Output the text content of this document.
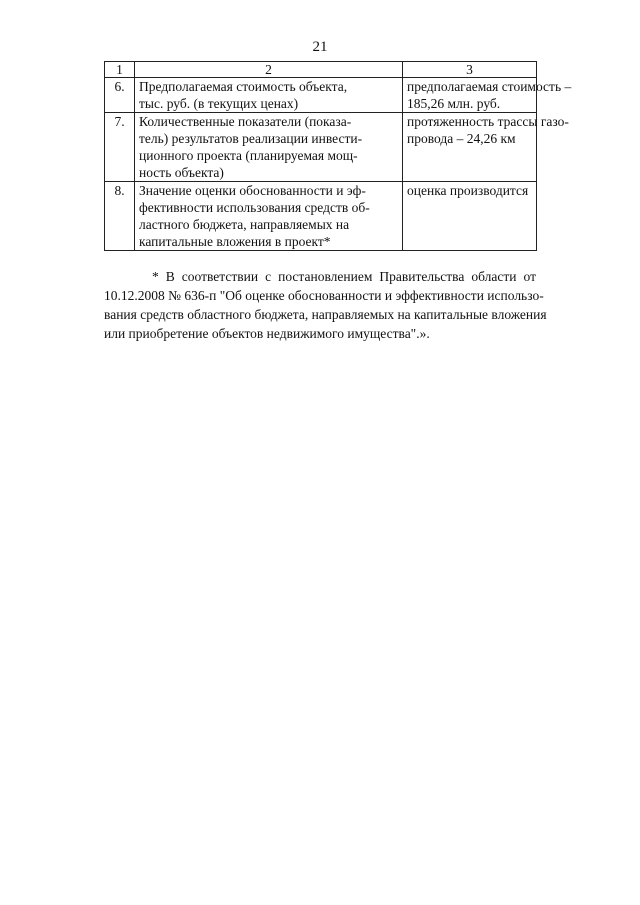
21
1	2	3
6.	Предполагаемая стоимость объекта,
тыс. руб. (в текущих ценах)	предполагаемая стоимость –
185,26 млн. руб.

7.	Количественные показатели (показа-
тель) результатов реализации инвести-
ционного проекта (планируемая мощ-
ность объекта)	протяженность трассы газо-
провода – 24,26 км

8.	Значение оценки обоснованности и эф-
фективности использования средств об-
ластного бюджета, направляемых на
капитальные вложения в проект*	оценка производится
* В соответствии с постановлением Правительства области от
10.12.2008 № 636-п "Об оценке обоснованности и эффективности использо-
вания средств областного бюджета, направляемых на капитальные вложения
или приобретение объектов недвижимого имущества".».
